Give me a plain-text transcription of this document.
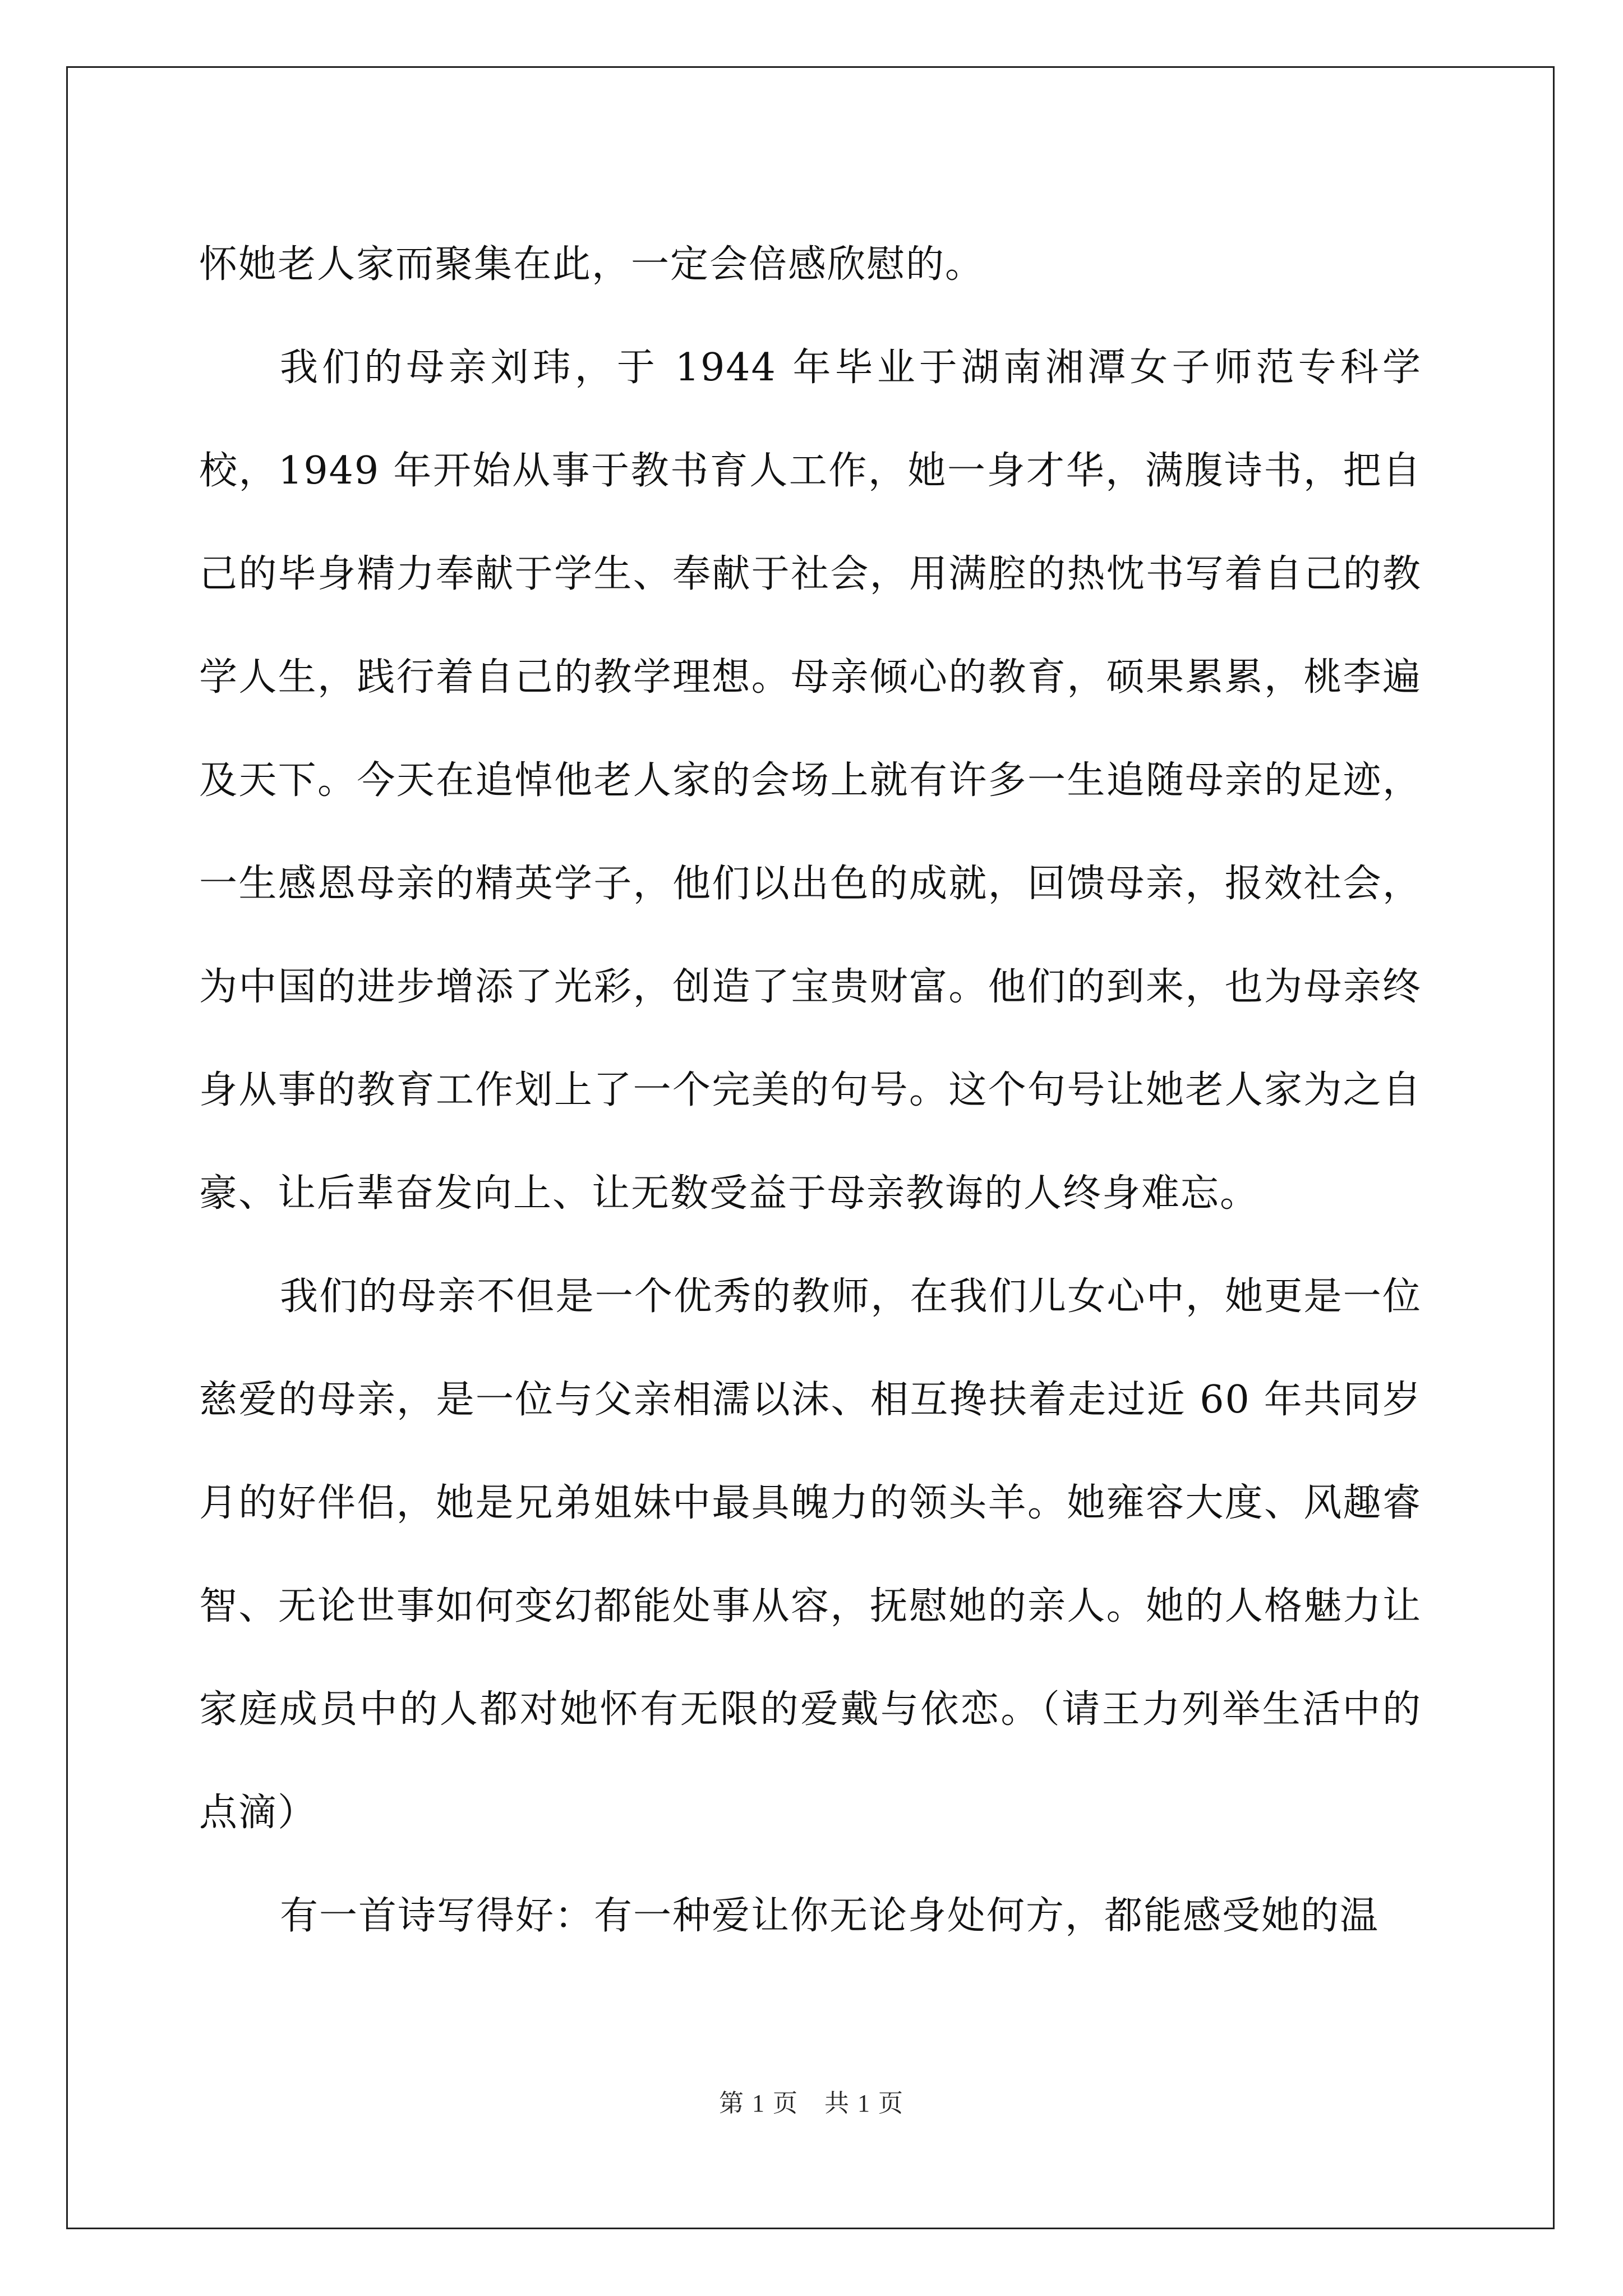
怀她老人家而聚集在此，一定会倍感欣慰的。

我们的母亲刘玮，于 1944 年毕业于湖南湘潭女子师范专科学校，1949 年开始从事于教书育人工作，她一身才华，满腹诗书，把自己的毕身精力奉献于学生、奉献于社会，用满腔的热忱书写着自己的教学人生，践行着自己的教学理想。母亲倾心的教育，硕果累累，桃李遍及天下。今天在追悼他老人家的会场上就有许多一生追随母亲的足迹，一生感恩母亲的精英学子，他们以出色的成就，回馈母亲，报效社会，为中国的进步增添了光彩，创造了宝贵财富。他们的到来，也为母亲终身从事的教育工作划上了一个完美的句号。这个句号让她老人家为之自豪、让后辈奋发向上、让无数受益于母亲教诲的人终身难忘。

我们的母亲不但是一个优秀的教师，在我们儿女心中，她更是一位慈爱的母亲，是一位与父亲相濡以沫、相互搀扶着走过近 60 年共同岁月的好伴侣，她是兄弟姐妹中最具魄力的领头羊。她雍容大度、风趣睿智、无论世事如何变幻都能处事从容，抚慰她的亲人。她的人格魅力让家庭成员中的人都对她怀有无限的爱戴与依恋。（请王力列举生活中的点滴）

有一首诗写得好：有一种爱让你无论身处何方，都能感受她的温

第 1 页　共 1 页
